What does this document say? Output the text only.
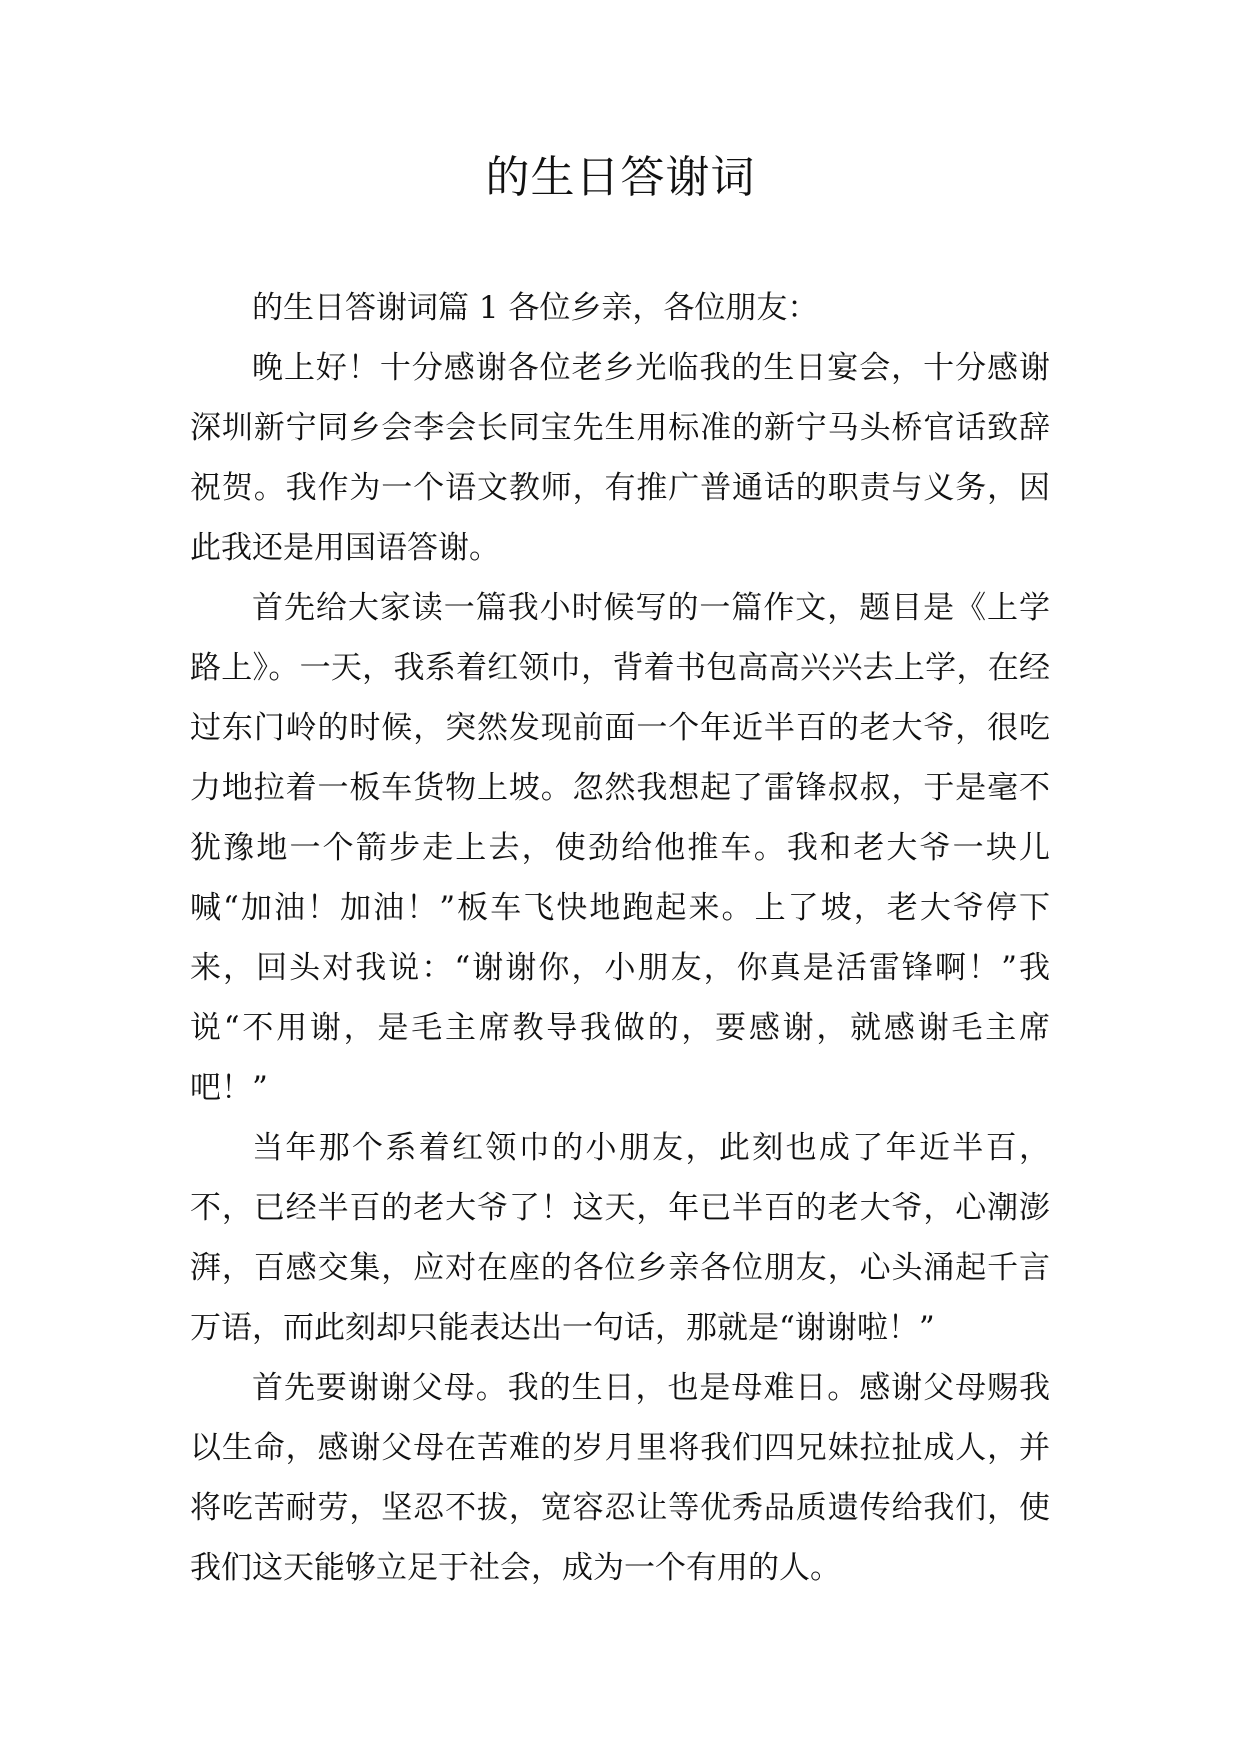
的生日答谢词

的生日答谢词篇 1 各位乡亲，各位朋友：

晚上好！十分感谢各位老乡光临我的生日宴会，十分感谢深圳新宁同乡会李会长同宝先生用标准的新宁马头桥官话致辞祝贺。我作为一个语文教师，有推广普通话的职责与义务，因此我还是用国语答谢。

首先给大家读一篇我小时候写的一篇作文，题目是《上学路上》。一天，我系着红领巾，背着书包高高兴兴去上学，在经过东门岭的时候，突然发现前面一个年近半百的老大爷，很吃力地拉着一板车货物上坡。忽然我想起了雷锋叔叔，于是毫不犹豫地一个箭步走上去，使劲给他推车。我和老大爷一块儿喊“加油！加油！”板车飞快地跑起来。上了坡，老大爷停下来，回头对我说：“谢谢你，小朋友，你真是活雷锋啊！”我说“不用谢，是毛主席教导我做的，要感谢，就感谢毛主席吧！”

当年那个系着红领巾的小朋友，此刻也成了年近半百，不，已经半百的老大爷了！这天，年已半百的老大爷，心潮澎湃，百感交集，应对在座的各位乡亲各位朋友，心头涌起千言万语，而此刻却只能表达出一句话，那就是“谢谢啦！”

首先要谢谢父母。我的生日，也是母难日。感谢父母赐我以生命，感谢父母在苦难的岁月里将我们四兄妹拉扯成人，并将吃苦耐劳，坚忍不拔，宽容忍让等优秀品质遗传给我们，使我们这天能够立足于社会，成为一个有用的人。
